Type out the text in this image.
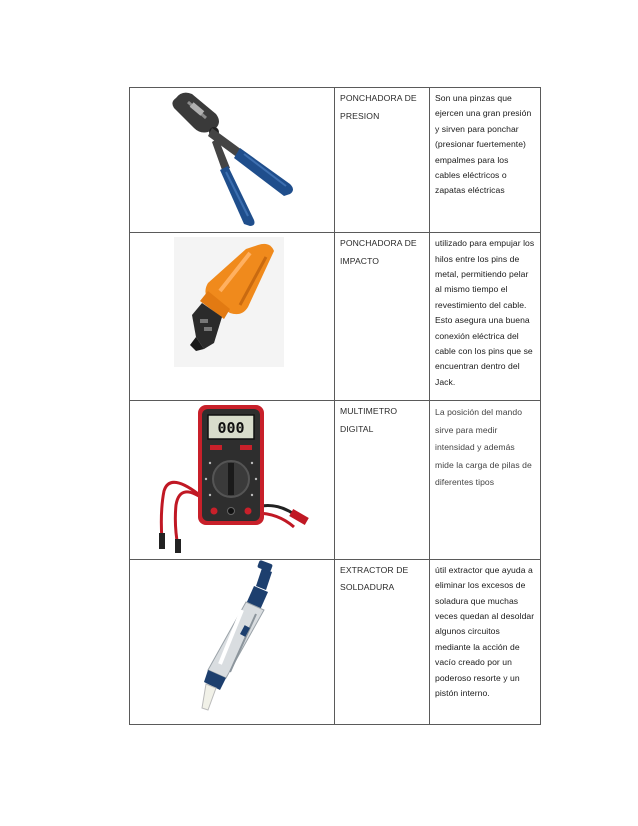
PONCHADORA DE PRESION	Son una pinzas que ejercen una gran presión y sirven para ponchar (presionar fuertemente) empalmes para los cables eléctricos o zapatas eléctricas

PONCHADORA DE IMPACTO	utilizado para empujar los hilos entre los pins de metal, permitiendo pelar al mismo tiempo el revestimiento del cable. Esto asegura una buena conexión eléctrica del cable con los pins que se encuentran dentro del Jack.

000	MULTIMETRO DIGITAL	La posición del mando sirve para medir intensidad y además mide la carga de pilas de diferentes tipos

EXTRACTOR DE SOLDADURA	útil extractor que ayuda a eliminar los excesos de soladura que muchas veces quedan al desoldar algunos circuitos mediante la acción de vacío creado por un poderoso resorte y un pistón interno.
